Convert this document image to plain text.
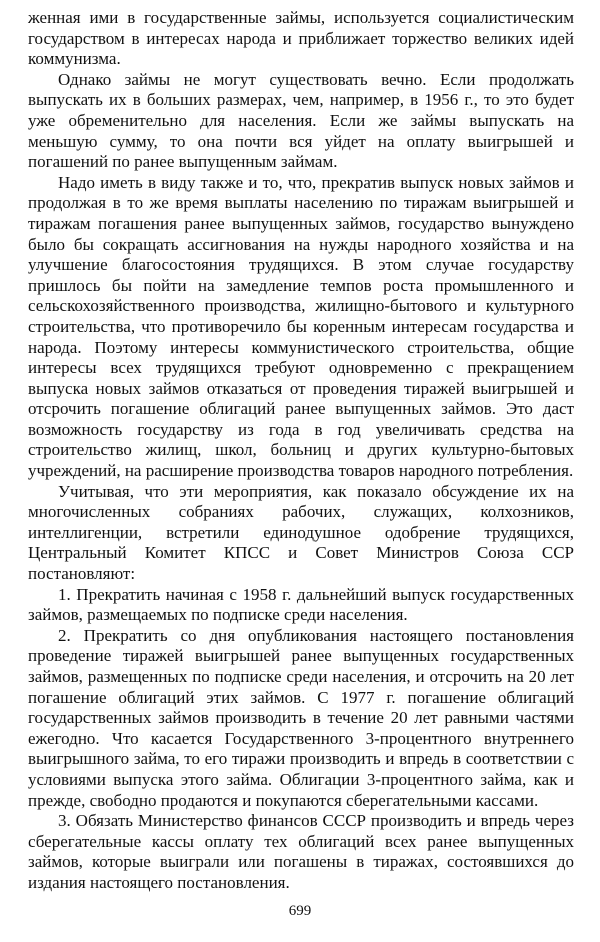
женная ими в государственные займы, используется социалистическим государством в интересах народа и приближает торжество великих идей коммунизма.

Однако займы не могут существовать вечно. Если продолжать выпускать их в больших размерах, чем, например, в 1956 г., то это будет уже обременительно для населения. Если же займы выпускать на меньшую сумму, то она почти вся уйдет на оплату выигрышей и погашений по ранее выпущенным займам.

Надо иметь в виду также и то, что, прекратив выпуск новых займов и продолжая в то же время выплаты населению по тиражам выигрышей и тиражам погашения ранее выпущенных займов, государство вынуждено было бы сокращать ассигнования на нужды народного хозяйства и на улучшение благосостояния трудящихся. В этом случае государству пришлось бы пойти на замедление темпов роста промышленного и сельскохозяйственного производства, жилищно-бытового и культурного строительства, что противоречило бы коренным интересам государства и народа. Поэтому интересы коммунистического строительства, общие интересы всех трудящихся требуют одновременно с прекращением выпуска новых займов отказаться от проведения тиражей выигрышей и отсрочить погашение облигаций ранее выпущенных займов. Это даст возможность государству из года в год увеличивать средства на строительство жилищ, школ, больниц и других культурно-бытовых учреждений, на расширение производства товаров народного потребления.

Учитывая, что эти мероприятия, как показало обсуждение их на многочисленных собраниях рабочих, служащих, колхозников, интеллигенции, встретили единодушное одобрение трудящихся, Центральный Комитет КПСС и Совет Министров Союза ССР постановляют:

1. Прекратить начиная с 1958 г. дальнейший выпуск государственных займов, размещаемых по подписке среди населения.

2. Прекратить со дня опубликования настоящего постановления проведение тиражей выигрышей ранее выпущенных государственных займов, размещенных по подписке среди населения, и отсрочить на 20 лет погашение облигаций этих займов. С 1977 г. погашение облигаций государственных займов производить в течение 20 лет равными частями ежегодно. Что касается Государственного 3-процентного внутреннего выигрышного займа, то его тиражи производить и впредь в соответствии с условиями выпуска этого займа. Облигации 3-процентного займа, как и прежде, свободно продаются и покупаются сберегательными кассами.

3. Обязать Министерство финансов СССР производить и впредь через сберегательные кассы оплату тех облигаций всех ранее выпущенных займов, которые выиграли или погашены в тиражах, состоявшихся до издания настоящего постановления.

699
